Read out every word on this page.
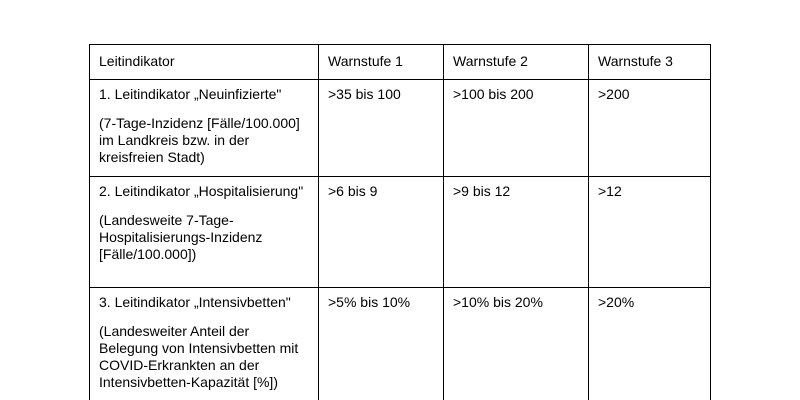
Leitindikator	Warnstufe 1	Warnstufe 2	Warnstufe 3

1. Leitindikator „Neuinfizierte"

(7-Tage-Inzidenz [Fälle/100.000] im Landkreis bzw. in der kreisfreien Stadt)	>35 bis 100	>100 bis 200	>200

2. Leitindikator „Hospitalisierung"

(Landesweite 7-Tage-Hospitalisierungs-Inzidenz [Fälle/100.000])	>6 bis 9	>9 bis 12	>12

3. Leitindikator „Intensivbetten"

(Landesweiter Anteil der Belegung von Intensivbetten mit COVID-Erkrankten an der Intensivbetten-Kapazität [%])	>5% bis 10%	>10% bis 20%	>20%
